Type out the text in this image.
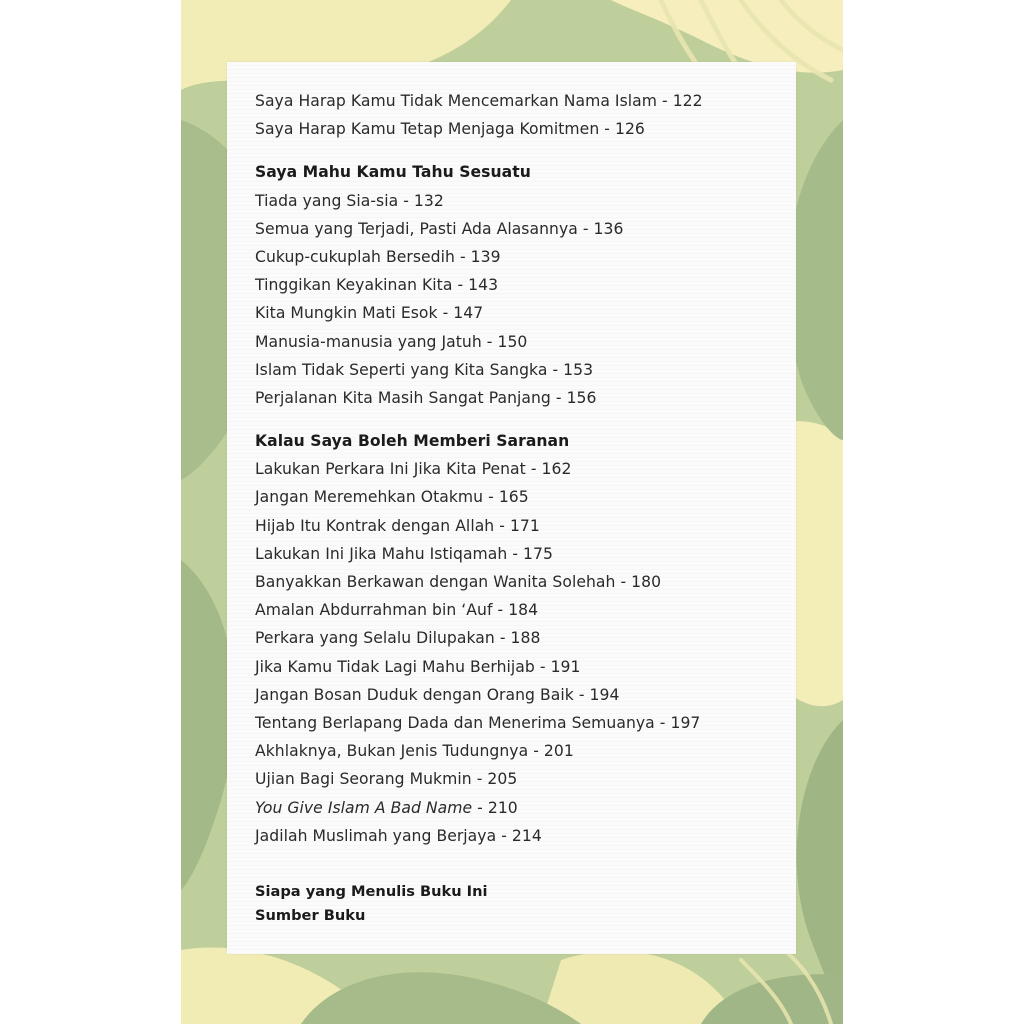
Saya Harap Kamu Tidak Mencemarkan Nama Islam - 122
Saya Harap Kamu Tetap Menjaga Komitmen - 126
Saya Mahu Kamu Tahu Sesuatu
Tiada yang Sia-sia - 132
Semua yang Terjadi, Pasti Ada Alasannya - 136
Cukup-cukuplah Bersedih - 139
Tinggikan Keyakinan Kita - 143
Kita Mungkin Mati Esok - 147
Manusia-manusia yang Jatuh - 150
Islam Tidak Seperti yang Kita Sangka - 153
Perjalanan Kita Masih Sangat Panjang - 156
Kalau Saya Boleh Memberi Saranan
Lakukan Perkara Ini Jika Kita Penat - 162
Jangan Meremehkan Otakmu - 165
Hijab Itu Kontrak dengan Allah - 171
Lakukan Ini Jika Mahu Istiqamah - 175
Banyakkan Berkawan dengan Wanita Solehah - 180
Amalan Abdurrahman bin ‘Auf - 184
Perkara yang Selalu Dilupakan - 188
Jika Kamu Tidak Lagi Mahu Berhijab - 191
Jangan Bosan Duduk dengan Orang Baik - 194
Tentang Berlapang Dada dan Menerima Semuanya - 197
Akhlaknya, Bukan Jenis Tudungnya - 201
Ujian Bagi Seorang Mukmin - 205
You Give Islam A Bad Name - 210
Jadilah Muslimah yang Berjaya - 214
Siapa yang Menulis Buku Ini
Sumber Buku
